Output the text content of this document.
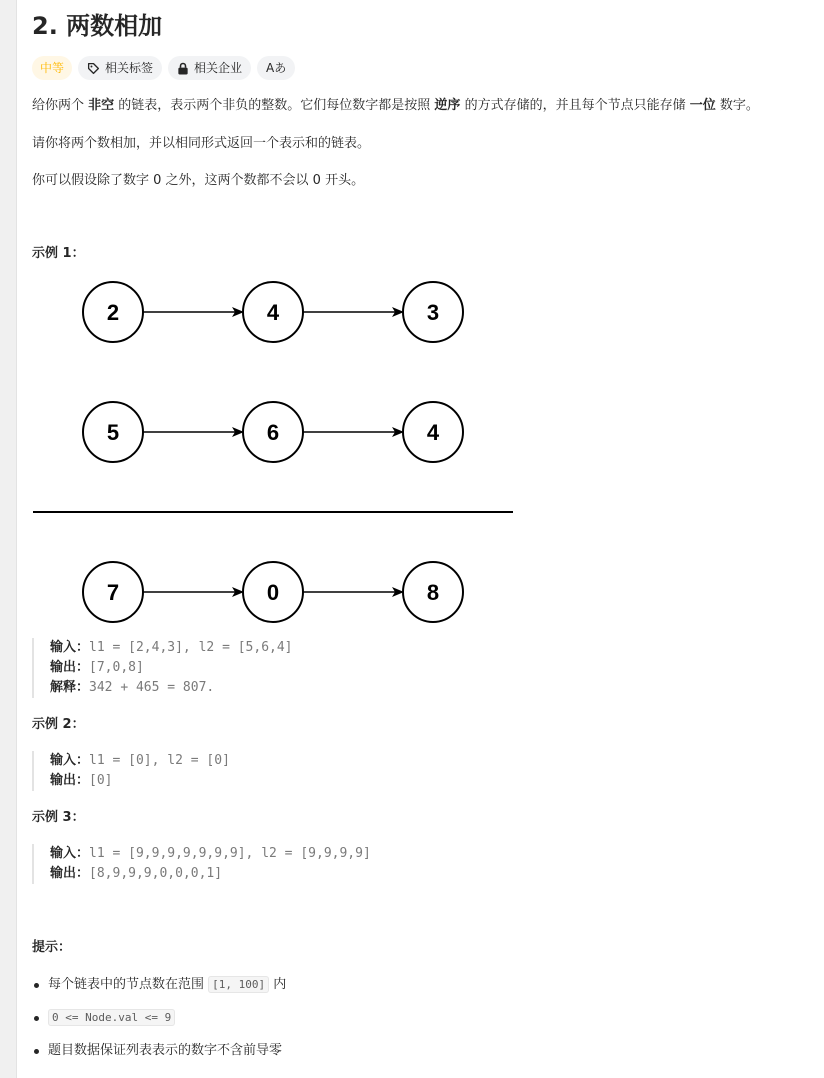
2. 两数相加
中等	相关标签	相关企业 Aあ
给你两个 非空 的链表，表示两个非负的整数。它们每位数字都是按照 逆序 的方式存储的，并且每个节点只能存储 一位 数字。
请你将两个数相加，并以相同形式返回一个表示和的链表。
你可以假设除了数字 0 之外，这两个数都不会以 0 开头。
示例 1：
2	4	3
5	6	4
7	0	8
输入：l1 = [2,4,3], l2 = [5,6,4]
输出：[7,0,8]
解释：342 + 465 = 807.
示例 2：
输入：l1 = [0], l2 = [0]
输出：[0]
示例 3：
输入：l1 = [9,9,9,9,9,9,9], l2 = [9,9,9,9]
输出：[8,9,9,9,0,0,0,1]
提示：
每个链表中的节点数在范围 [1, 100] 内
0 <= Node.val <= 9
题目数据保证列表表示的数字不含前导零
